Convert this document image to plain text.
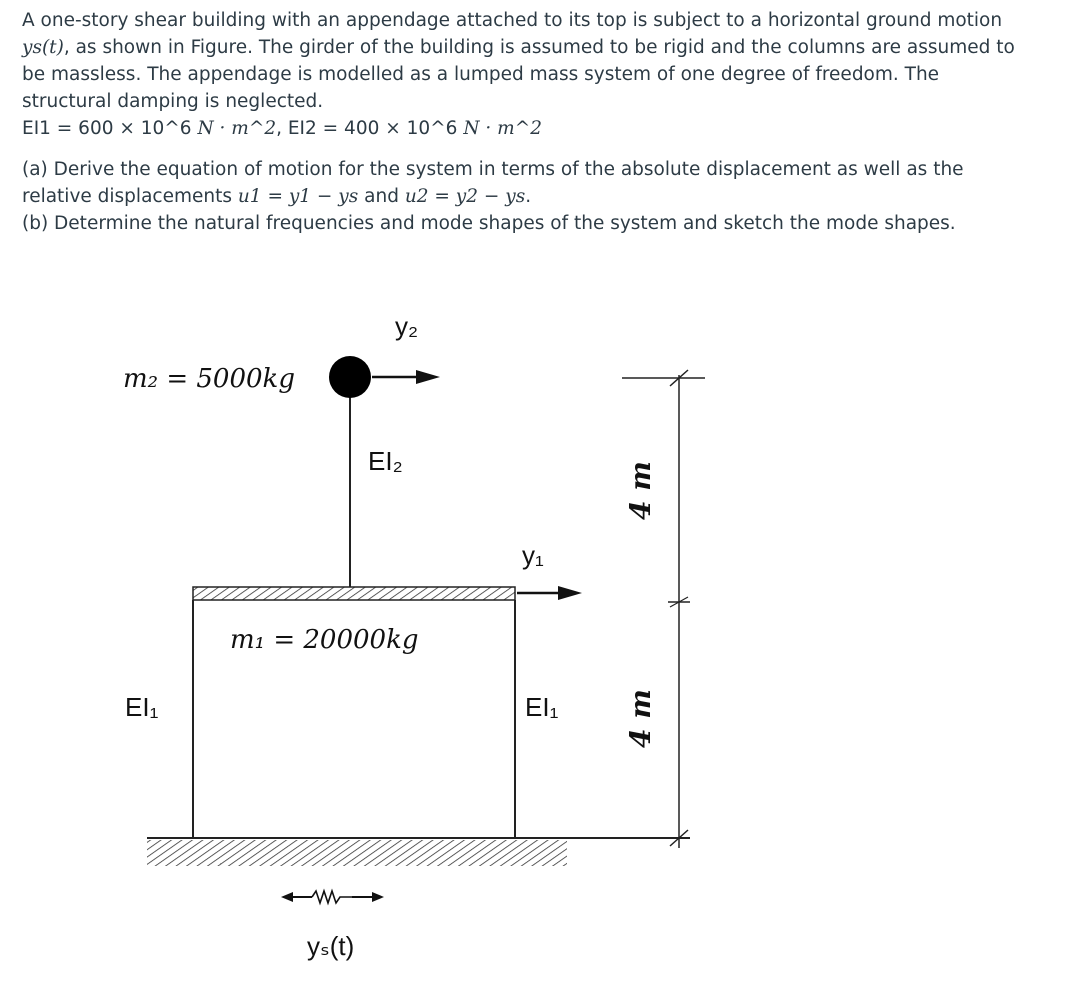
A one-story shear building with an appendage attached to its top is subject to a horizontal ground motion

ys(t), as shown in Figure. The girder of the building is assumed to be rigid and the columns are assumed to

be massless. The appendage is modelled as a lumped mass system of one degree of freedom. The

structural damping is neglected.

EI1 = 600 × 10^6 N · m^2, EI2 = 400 × 10^6 N · m^2

(a) Derive the equation of motion for the system in terms of the absolute displacement as well as the

relative displacements u1 = y1 − ys and u2 = y2 − ys.

(b) Determine the natural frequencies and mode shapes of the system and sketch the mode shapes.

y₂
m₂ = 5000kg
EI₂
y₁
m₁ = 20000kg
EI₁	EI₁
4 m
4 m
yₛ(t)
